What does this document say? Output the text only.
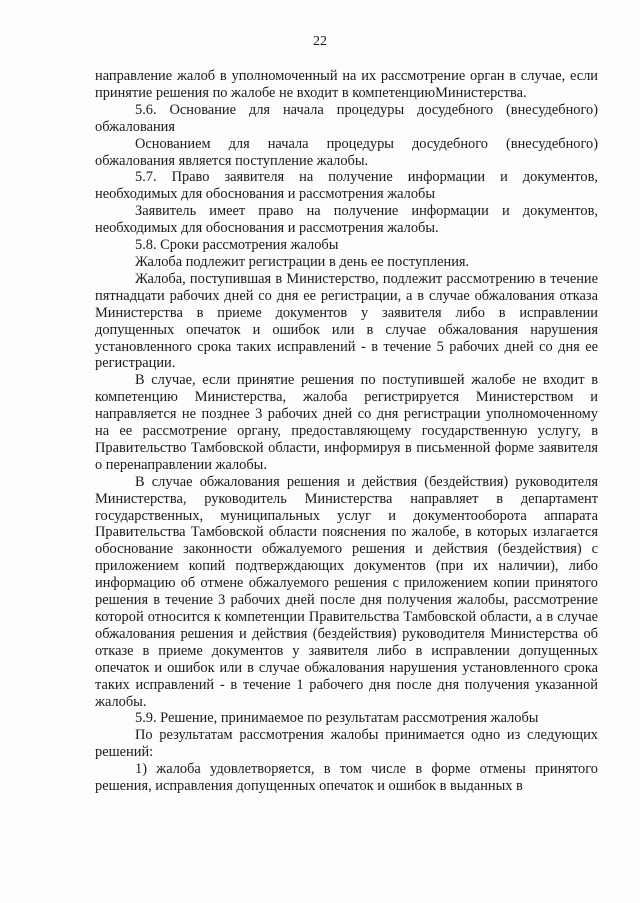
22

направление жалоб в уполномоченный на их рассмотрение орган в случае, если принятие решения по жалобе не входит в компетенциюМинистерства.

5.6. Основание для начала процедуры досудебного (внесудебного) обжалования

Основанием для начала процедуры досудебного (внесудебного) обжалования является поступление жалобы.

5.7. Право заявителя на получение информации и документов, необходимых для обоснования и рассмотрения жалобы

Заявитель имеет право на получение информации и документов, необходимых для обоснования и рассмотрения жалобы.

5.8. Сроки рассмотрения жалобы

Жалоба подлежит регистрации в день ее поступления.

Жалоба, поступившая в Министерство, подлежит рассмотрению в течение пятнадцати рабочих дней со дня ее регистрации, а в случае обжалования отказа Министерства в приеме документов у заявителя либо в исправлении допущенных опечаток и ошибок или в случае обжалования нарушения установленного срока таких исправлений - в течение 5 рабочих дней со дня ее регистрации.

В случае, если принятие решения по поступившей жалобе не входит в компетенцию Министерства, жалоба регистрируется Министерством и направляется не позднее 3 рабочих дней со дня регистрации уполномоченному на ее рассмотрение органу, предоставляющему государственную услугу, в Правительство Тамбовской области, информируя в письменной форме заявителя о перенаправлении жалобы.

В случае обжалования решения и действия (бездействия) руководителя Министерства, руководитель Министерства направляет в департамент государственных, муниципальных услуг и документооборота аппарата Правительства Тамбовской области пояснения по жалобе, в которых излагается обоснование законности обжалуемого решения и действия (бездействия) с приложением копий подтверждающих документов (при их наличии), либо информацию об отмене обжалуемого решения с приложением копии принятого решения в течение 3 рабочих дней после дня получения жалобы, рассмотрение которой относится к компетенции Правительства Тамбовской области, а в случае обжалования решения и действия (бездействия) руководителя Министерства об отказе в приеме документов у заявителя либо в исправлении допущенных опечаток и ошибок или в случае обжалования нарушения установленного срока таких исправлений - в течение 1 рабочего дня после дня получения указанной жалобы.

5.9. Решение, принимаемое по результатам рассмотрения жалобы

По результатам рассмотрения жалобы принимается одно из следующих решений:

1) жалоба удовлетворяется, в том числе в форме отмены принятого решения, исправления допущенных опечаток и ошибок в выданных в
